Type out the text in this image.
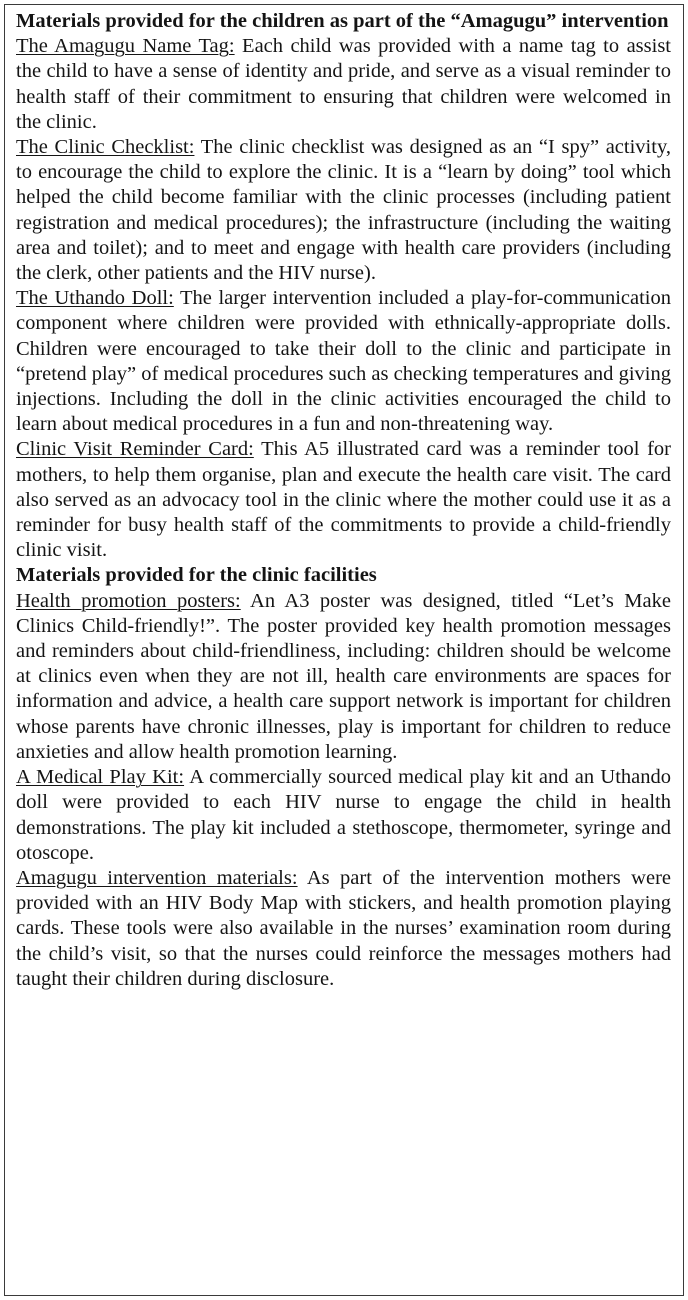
Materials provided for the children as part of the “Amagugu” intervention

The Amagugu Name Tag: Each child was provided with a name tag to assist the child to have a sense of identity and pride, and serve as a visual reminder to health staff of their commitment to ensuring that children were welcomed in the clinic.

The Clinic Checklist: The clinic checklist was designed as an “I spy” activity, to encourage the child to explore the clinic. It is a “learn by doing” tool which helped the child become familiar with the clinic processes (including patient registration and medical procedures); the infrastructure (including the waiting area and toilet); and to meet and engage with health care providers (including the clerk, other patients and the HIV nurse).

The Uthando Doll: The larger intervention included a play-for-communication component where children were provided with ethnically-appropriate dolls. Children were encouraged to take their doll to the clinic and participate in “pretend play” of medical procedures such as checking temperatures and giving injections. Including the doll in the clinic activities encouraged the child to learn about medical procedures in a fun and non-threatening way.

Clinic Visit Reminder Card: This A5 illustrated card was a reminder tool for mothers, to help them organise, plan and execute the health care visit. The card also served as an advocacy tool in the clinic where the mother could use it as a reminder for busy health staff of the commitments to provide a child-friendly clinic visit.

Materials provided for the clinic facilities

Health promotion posters: An A3 poster was designed, titled “Let’s Make Clinics Child-friendly!”. The poster provided key health promotion messages and reminders about child-friendliness, including: children should be welcome at clinics even when they are not ill, health care environments are spaces for information and advice, a health care support network is important for children whose parents have chronic illnesses, play is important for children to reduce anxieties and allow health promotion learning.

A Medical Play Kit: A commercially sourced medical play kit and an Uthando doll were provided to each HIV nurse to engage the child in health demonstrations. The play kit included a stethoscope, thermometer, syringe and otoscope.

Amagugu intervention materials: As part of the intervention mothers were provided with an HIV Body Map with stickers, and health promotion playing cards. These tools were also available in the nurses’ examination room during the child’s visit, so that the nurses could reinforce the messages mothers had taught their children during disclosure.
